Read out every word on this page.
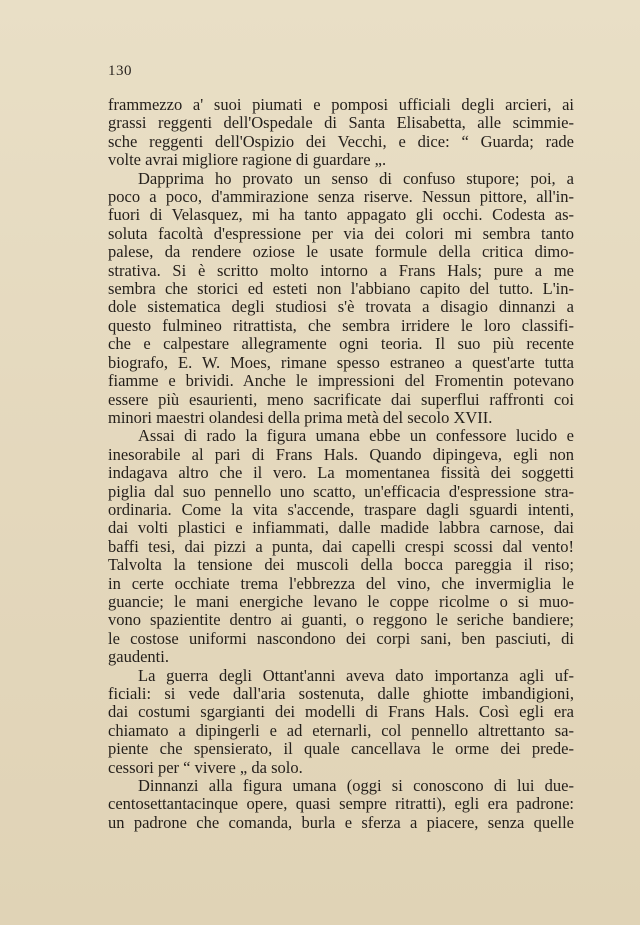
130

frammezzo a' suoi piumati e pomposi ufficiali degli arcieri, ai

grassi reggenti dell'Ospedale di Santa Elisabetta, alle scimmie-

sche reggenti dell'Ospizio dei Vecchi, e dice: “ Guarda; rade

volte avrai migliore ragione di guardare „.

Dapprima ho provato un senso di confuso stupore; poi, a

poco a poco, d'ammirazione senza riserve. Nessun pittore, all'in-

fuori di Velasquez, mi ha tanto appagato gli occhi. Codesta as-

soluta facoltà d'espressione per via dei colori mi sembra tanto

palese, da rendere oziose le usate formule della critica dimo-

strativa. Si è scritto molto intorno a Frans Hals; pure a me

sembra che storici ed esteti non l'abbiano capito del tutto. L'in-

dole sistematica degli studiosi s'è trovata a disagio dinnanzi a

questo fulmineo ritrattista, che sembra irridere le loro classifi-

che e calpestare allegramente ogni teoria. Il suo più recente

biografo, E. W. Moes, rimane spesso estraneo a quest'arte tutta

fiamme e brividi. Anche le impressioni del Fromentin potevano

essere più esaurienti, meno sacrificate dai superflui raffronti coi

minori maestri olandesi della prima metà del secolo XVII.

Assai di rado la figura umana ebbe un confessore lucido e

inesorabile al pari di Frans Hals. Quando dipingeva, egli non

indagava altro che il vero. La momentanea fissità dei soggetti

piglia dal suo pennello uno scatto, un'efficacia d'espressione stra-

ordinaria. Come la vita s'accende, traspare dagli sguardi intenti,

dai volti plastici e infiammati, dalle madide labbra carnose, dai

baffi tesi, dai pizzi a punta, dai capelli crespi scossi dal vento!

Talvolta la tensione dei muscoli della bocca pareggia il riso;

in certe occhiate trema l'ebbrezza del vino, che invermiglia le

guancie; le mani energiche levano le coppe ricolme o si muo-

vono spazientite dentro ai guanti, o reggono le seriche bandiere;

le costose uniformi nascondono dei corpi sani, ben pasciuti, di

gaudenti.

La guerra degli Ottant'anni aveva dato importanza agli uf-

ficiali: si vede dall'aria sostenuta, dalle ghiotte imbandigioni,

dai costumi sgargianti dei modelli di Frans Hals. Così egli era

chiamato a dipingerli e ad eternarli, col pennello altrettanto sa-

piente che spensierato, il quale cancellava le orme dei prede-

cessori per “ vivere „ da solo.

Dinnanzi alla figura umana (oggi si conoscono di lui due-

centosettantacinque opere, quasi sempre ritratti), egli era padrone:

un padrone che comanda, burla e sferza a piacere, senza quelle
